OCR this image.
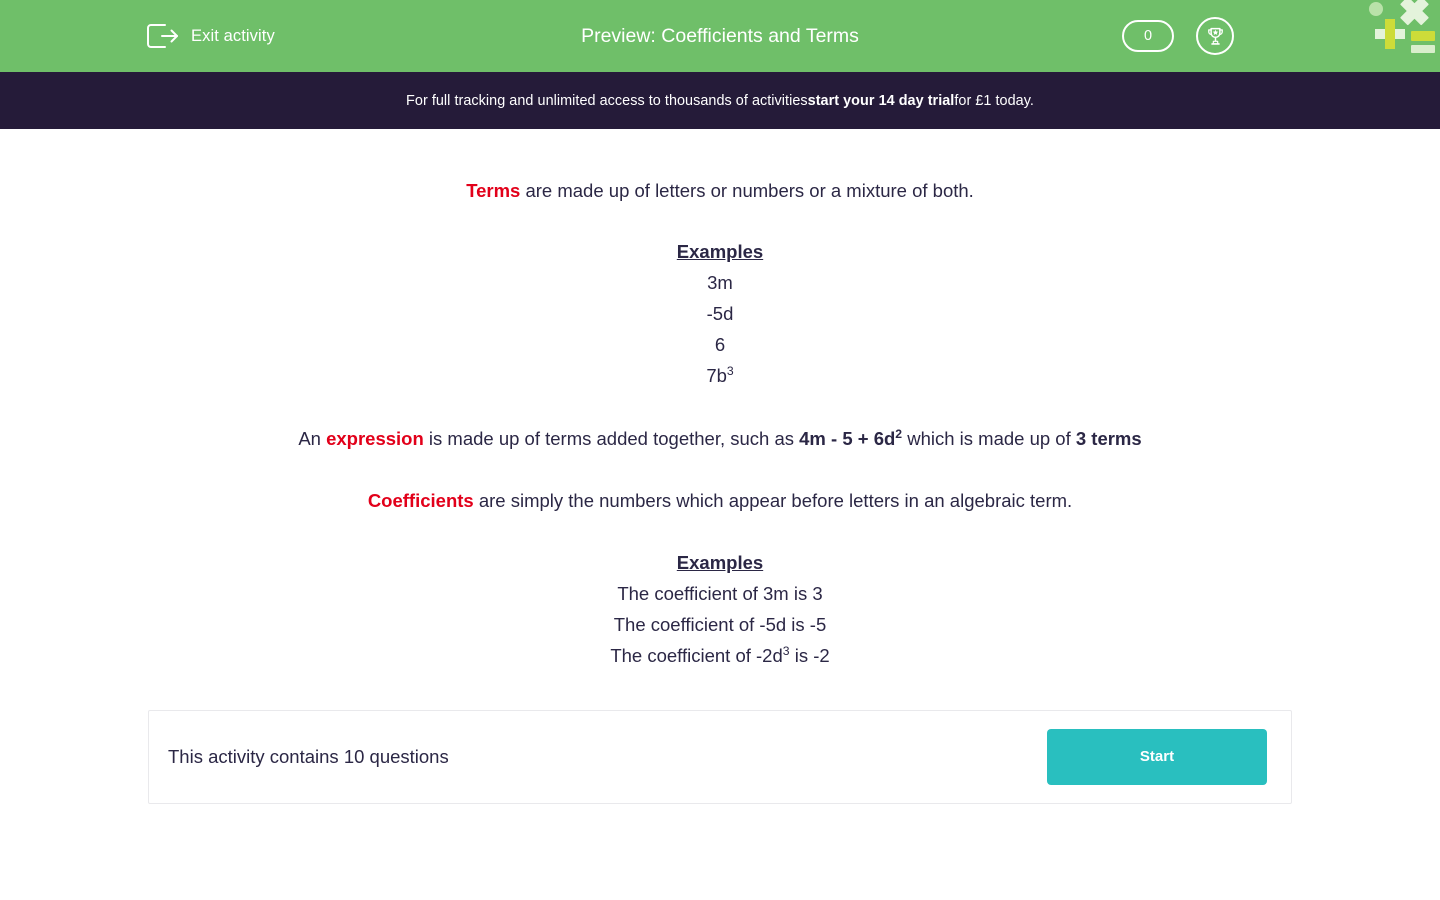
Exit activity	Preview: Coefficients and Terms	0
For full tracking and unlimited access to thousands of activities start your 14 day trial for £1 today.

Terms are made up of letters or numbers or a mixture of both.

Examples

3m

-5d

6

$7b^3$

An expression is made up of terms added together, such as $4m - 5 + 6d^2$ which is made up of 3 terms

Coefficients are simply the numbers which appear before letters in an algebraic term.

Examples

The coefficient of 3m is 3

The coefficient of -5d is -5

The coefficient of $-2d^3$ is -2

This activity contains 10 questions	Start
